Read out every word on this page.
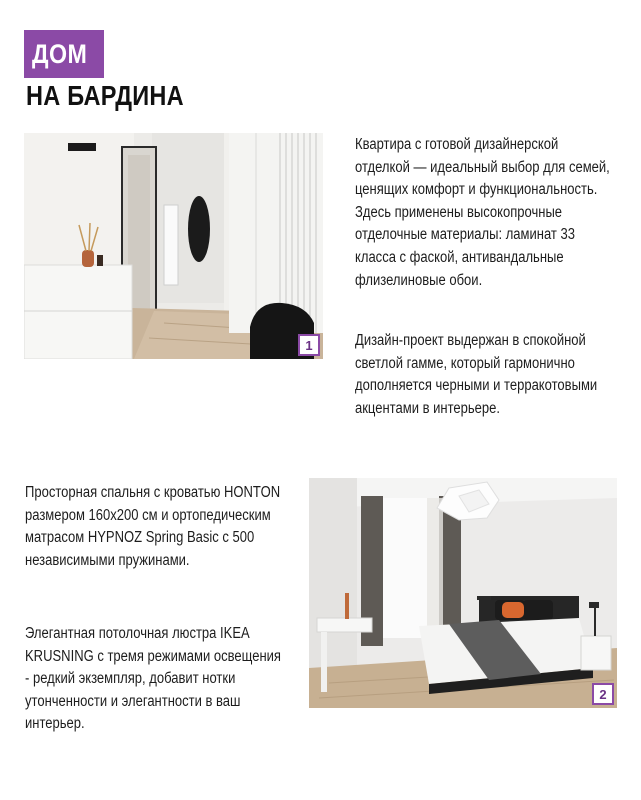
ДОМ
НА БАРДИНА
1

Квартира с готовой дизайнерской

отделкой — идеальный выбор для семей,

ценящих комфорт и функциональность.

Здесь применены высокопрочные

отделочные материалы: ламинат 33

класса с фаской, антивандальные

флизелиновые обои.

Дизайн-проект выдержан в спокойной

светлой гамме, который гармонично

дополняется черными и терракотовыми

акцентами в интерьере.

Просторная спальня с кроватью HONTON

размером 160х200 см и ортопедическим

матрасом HYPNOZ Spring Basic с 500

независимыми пружинами.

Элегантная потолочная люстра IKEA

KRUSNING с тремя режимами освещения

- редкий экземпляр, добавит нотки

утонченности и элегантности в ваш

интерьер.

2
